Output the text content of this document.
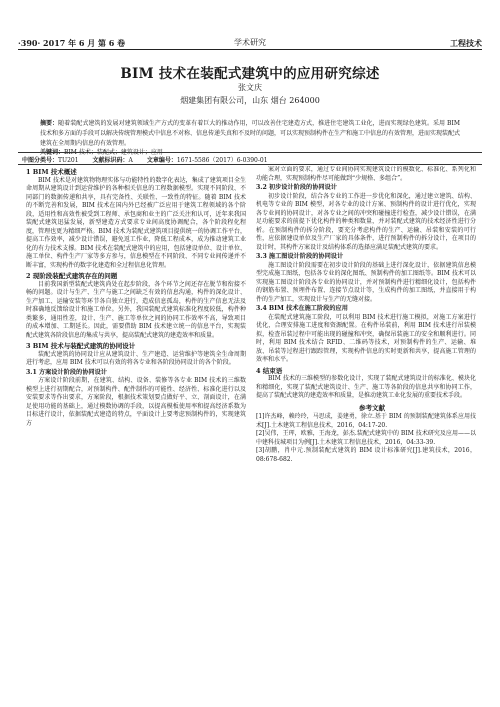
·390· 2017 年 6 月 第 6 卷	学术研究	工程技术
BIM 技术在装配式建筑中的应用研究综述
张文庆
烟建集团有限公司，山东 烟台 264000
摘要：随着装配式建筑的发展对建筑领域生产方式的变革有着巨大的推动作用，可以改善住宅建造方式，推进住宅建筑工业化，进而实现绿色建筑。采用 BIM 技术和多方面的手段可以解决传统管理模式中信息不对称、信息传递失真和不及时的问题，可以实现预制构件在生产和施工中信息的有效管理，进而实现装配式建筑在全周期内信息的有效管理。
关键词：BIM 技术；装配式；建筑设计；应用
中图分类号：TU201 文献标识码：A 文章编号：1671-5586（2017）6-0390-01

1 BIM 技术概述

BIM 技术是对建筑物物理实体与功能特性的数字化表达，集成了建筑项目全生命周期从建筑设计到运营维护的各种相关信息的工程数据模型。实现不同阶段、不同部门的数据传递和共享，具有完备性、关联性、一致性的特征。随着 BIM 技术的不断完善和发展，BIM 技术在国内外已经被广泛应用于建筑工程领域的各个阶段，适用性和高效性被受到工程师、承包商和业主的广泛关注和认可，近年来我国装配式建筑迅猛发展，新型建造方式要求专业间高度协调配合，各个阶段程化程度，管理也更为精细严格。BIM 技术为装配式建筑项目提供统一的协调工作平台，提高工作效率，减少设计错误，避免返工作业，降低工程成本，成为推动建筑工业化的有力技术支撑。BIM 技术在装配式建筑中的应用，包括建设单位、设计单位、施工单位、构件生产厂家等多方参与，信息模型在不同阶段、不同专业间传递并不断丰富，实现构件的数字化建造和全过程信息化管理。

2 现阶段装配式建筑存在的问题

目前我国新型装配式建筑尚处在起步阶段，各个环节之间还存在脱节和衔接不畅的问题。设计与生产、生产与施工之间缺乏有效的信息沟通，构件的深化设计、生产加工、运输安装等环节各自独立进行，造成信息孤岛，构件的生产信息无法及时准确地反馈给设计和施工单位。另外，我国装配式建筑标准化程度较低，构件种类繁多，通用性差，设计、生产、施工等单位之间的协同工作效率不高，导致项目的成本增加、工期延长。因此，需要借助 BIM 技术建立统一的信息平台，实现装配式建筑各阶段信息的集成与共享，提高装配式建筑的建造效率和质量。

3 BIM 技术与装配式建筑的协同设计

装配式建筑的协同设计应从建筑设计、生产建造、运营维护等建筑全生命周期进行考虑，应用 BIM 技术可以有效的将各专业和各阶段协同设计的各个阶段。

3.1 方案设计阶段的协同设计

方案设计阶段前期，在建筑、结构、设备、装修等各专业 BIM 技术的三维数模型上进行初期配合，对预制构件、配件制作的可能性、经济性、标准化进行以及安装要求等作出要求，方案阶段，根据技术策划要点做好平、立、剖面设计，在满足使用功能的基础上，通过模数协调的手段，以提高模板使用率和提高经济系数为目标进行设计，依据装配式建造的特点，平面设计上要考虑预制构件的，实现建筑方

案对立面的要求，通过专业间协同实现建筑设计的模数化、标准化、系列化和功能合理，实现预制构件尽可能做到“少规格、多组合”。

3.2 初步设计阶段的协同设计

初步设计阶段，结合各专业的工作进一步优化和深化，通过建立建筑、结构、机电等专业的 BIM 模型，对各专业的设计方案、预制构件的设计进行优化，实现各专业间的协同设计，对各专业之间的冲突和碰撞进行检查，减少设计错误，在满足功能要求的前提下优化构件的种类和数量，并对装配式建筑的技术经济性进行分析。在预制构件的拆分阶段，要充分考虑构件的生产、运输、吊装和安装的可行性，应依据建设单位及生产厂家的具体条件，进行预制构件的拆分设计，在项目的设计时，其构件方案设计及结构体系的选择应满足装配式建筑的要求。

3.3 施工图设计阶段的协同设计

施工图设计阶段需要在初步设计阶段的基础上进行深化设计，依据建筑信息模型完成施工图纸，包括各专业的深化图纸、预制构件的加工图纸等。BIM 技术可以实现施工图设计阶段各专业的协同设计，并对预制构件进行精细化设计，包括构件的钢筋布置、预埋件布置、连接节点设计等，生成构件的加工图纸，并直接用于构件的生产加工，实现设计与生产的无缝对接。

3.4 BIM 技术在施工阶段的应用

在装配式建筑施工阶段，可以利用 BIM 技术进行施工模拟，对施工方案进行优化，合理安排施工进度和资源配置。在构件吊装前，利用 BIM 技术进行吊装模拟，检查吊装过程中可能出现的碰撞和冲突，确保吊装施工的安全和顺利进行。同时，利用 BIM 技术结合 RFID、二维码等技术，对预制构件的生产、运输、堆放、吊装等过程进行跟踪管理，实现构件信息的实时更新和共享，提高施工管理的效率和水平。

4 结束语

BIM 技术的三维模型的参数化设计，实现了装配式建筑设计的标准化、模块化和精细化，实现了装配式建筑设计、生产、施工等各阶段的信息共享和协同工作，提高了装配式建筑的建造效率和质量，是推动建筑工业化发展的重要技术手段。

参考文献

[1]许杰峰，赖玲玲，马思成，姜建勇，徐立.基于 BIM 的预制装配建筑体系应用技术[J].土木建筑工程信息技术，2016，04:17-20.

[2]吴伟，王珲，欧雅，王海龙，彭杰.装配式建筑中的 BIM 技术研究及应用——以中建科技城项目为例[J].土木建筑工程信息技术，2016，04:33-39.

[3]胡鹏，肖中元.预制装配式建筑的 BIM 设计标准研究[J].建筑技术，2016，08:678-682.
